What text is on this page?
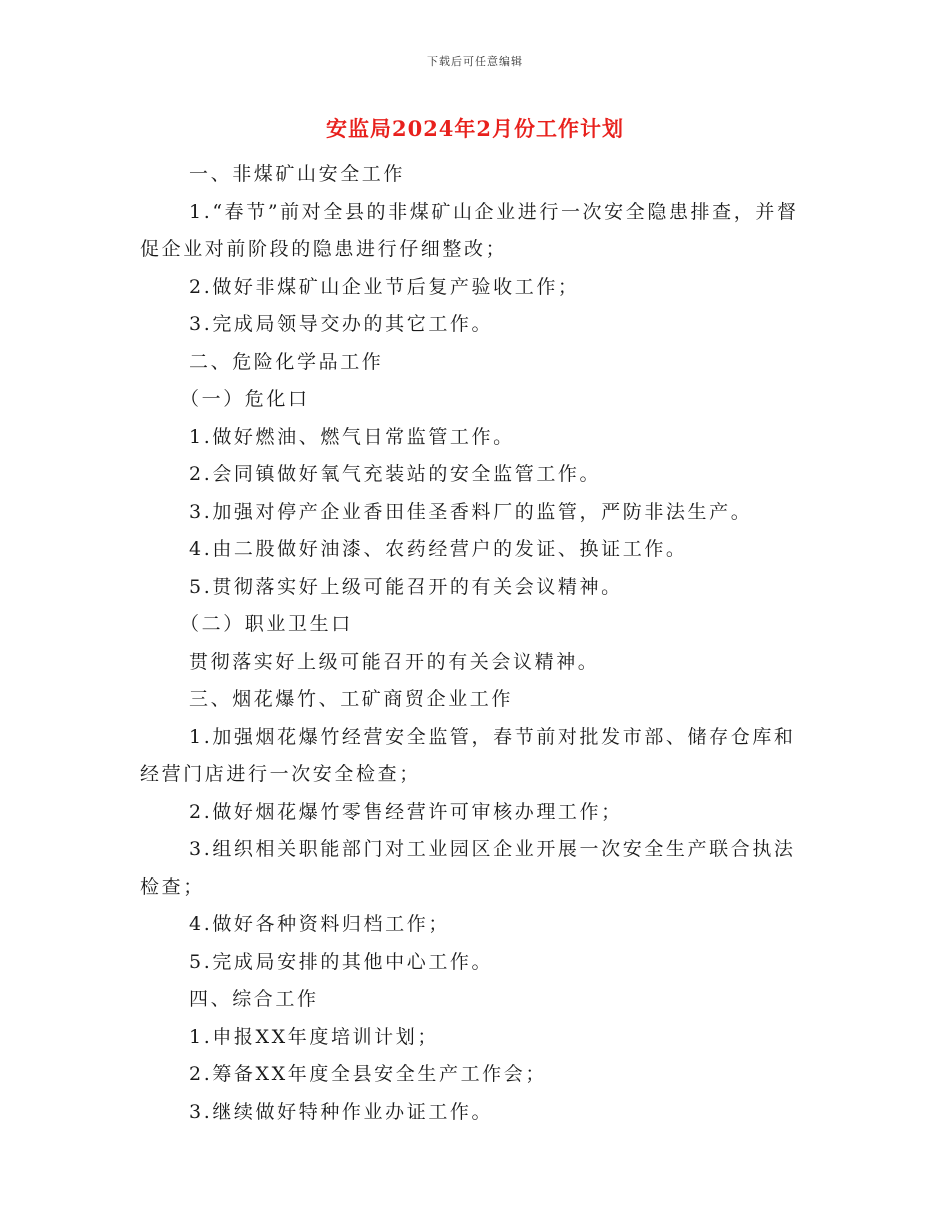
下载后可任意编辑
安监局2024年2月份工作计划

一、非煤矿山安全工作

1.“春节”前对全县的非煤矿山企业进行一次安全隐患排查，并督促企业对前阶段的隐患进行仔细整改；

2.做好非煤矿山企业节后复产验收工作；

3.完成局领导交办的其它工作。

二、危险化学品工作

（一）危化口

1.做好燃油、燃气日常监管工作。

2.会同镇做好氧气充装站的安全监管工作。

3.加强对停产企业香田佳圣香料厂的监管，严防非法生产。

4.由二股做好油漆、农药经营户的发证、换证工作。

5.贯彻落实好上级可能召开的有关会议精神。

（二）职业卫生口

贯彻落实好上级可能召开的有关会议精神。

三、烟花爆竹、工矿商贸企业工作

1.加强烟花爆竹经营安全监管，春节前对批发市部、储存仓库和经营门店进行一次安全检查；

2.做好烟花爆竹零售经营许可审核办理工作；

3.组织相关职能部门对工业园区企业开展一次安全生产联合执法检查；

4.做好各种资料归档工作；

5.完成局安排的其他中心工作。

四、综合工作

1.申报XX年度培训计划；

2.筹备XX年度全县安全生产工作会；

3.继续做好特种作业办证工作。
